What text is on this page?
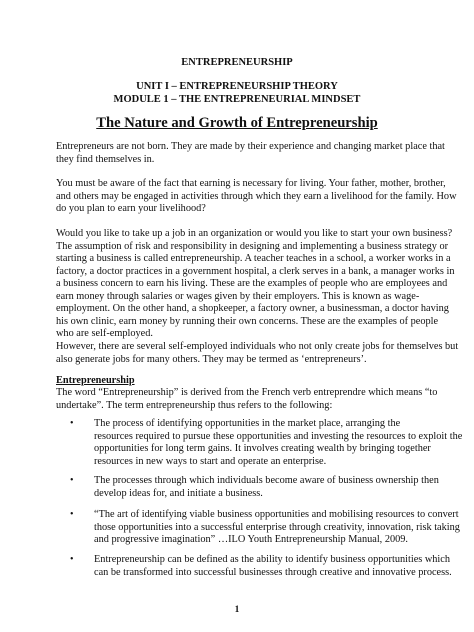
ENTREPRENEURSHIP
UNIT I – ENTREPRENEURSHIP THEORY
MODULE 1 – THE ENTREPRENEURIAL MINDSET
The Nature and Growth of Entrepreneurship
Entrepreneurs are not born. They are made by their experience and changing market place that
they find themselves in.
You must be aware of the fact that earning is necessary for living. Your father, mother, brother,
and others may be engaged in activities through which they earn a livelihood for the family. How
do you plan to earn your livelihood?
Would you like to take up a job in an organization or would you like to start your own business?
The assumption of risk and responsibility in designing and implementing a business strategy or
starting a business is called entrepreneurship. A teacher teaches in a school, a worker works in a
factory, a doctor practices in a government hospital, a clerk serves in a bank, a manager works in
a business concern to earn his living. These are the examples of people who are employees and
earn money through salaries or wages given by their employers. This is known as wage-
employment. On the other hand, a shopkeeper, a factory owner, a businessman, a doctor having
his own clinic, earn money by running their own concerns. These are the examples of people
who are self-employed.
However, there are several self-employed individuals who not only create jobs for themselves but
also generate jobs for many others. They may be termed as ‘entrepreneurs’.
Entrepreneurship
The word “Entrepreneurship” is derived from the French verb entreprendre which means “to
undertake”. The term entrepreneurship thus refers to the following:
• The process of identifying opportunities in the market place, arranging the
resources required to pursue these opportunities and investing the resources to exploit the
opportunities for long term gains. It involves creating wealth by bringing together
resources in new ways to start and operate an enterprise.
• The processes through which individuals become aware of business ownership then
develop ideas for, and initiate a business.
• “The art of identifying viable business opportunities and mobilising resources to convert
those opportunities into a successful enterprise through creativity, innovation, risk taking
and progressive imagination” …ILO Youth Entrepreneurship Manual, 2009.
• Entrepreneurship can be defined as the ability to identify business opportunities which
can be transformed into successful businesses through creative and innovative process.
1
